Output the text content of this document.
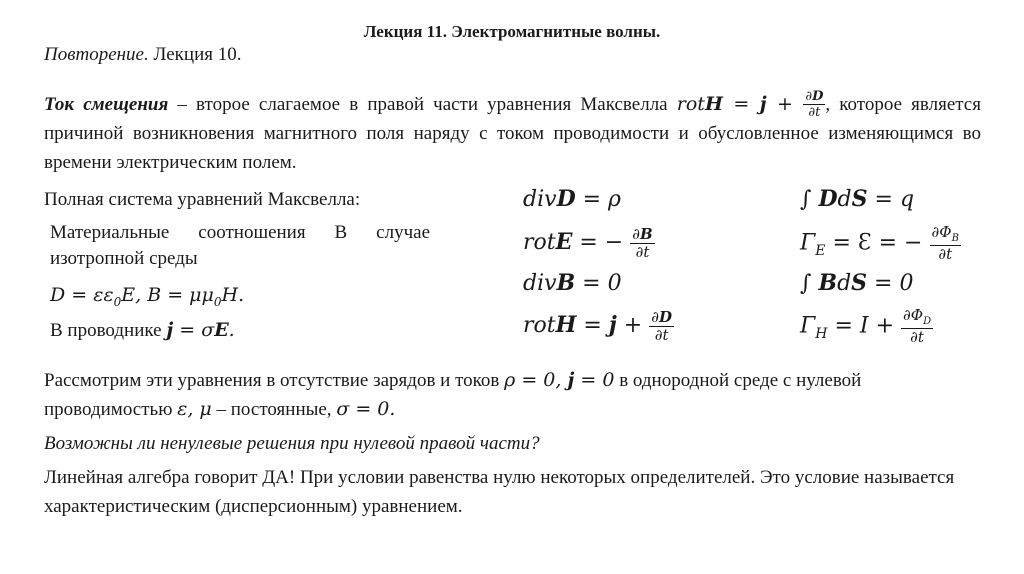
Лекция 11. Электромагнитные волны.
Повторение. Лекция 10.
Ток смещения – второе слагаемое в правой части уравнения Максвелла rotH = $j + \frac{\partial D}{\partial t}$ , которое является причиной возникновения магнитного поля наряду с током проводимости и обусловленное изменяющимся во времени электрическим полем.
Полная система уравнений Максвелла:
Материальные соотношения В случае изотропной среды
$D = \varepsilon\varepsilon_0E$, $B = \mu\mu_0H$.
В проводнике j = σE.
divD = ρ
rotE = − $\frac{\partial B}{\partial t}$
divB = 0
rotH = $j + \frac{\partial D}{\partial t}$
∫ DdS = q
$\Gamma_E$ = Ɛ = − $\frac{\partial\Phi_B}{\partial t}$
∫ BdS = 0
$\Gamma_H = I + \frac{\partial\Phi_D}{\partial t}$
Рассмотрим эти уравнения в отсутствие зарядов и токов ρ = 0, j = 0 в однородной среде с нулевой проводимостью ε, μ – постоянные, σ = 0.
Возможны ли ненулевые решения при нулевой правой части?
Линейная алгебра говорит ДА! При условии равенства нулю некоторых определителей. Это условие называется характеристическим (дисперсионным) уравнением.
